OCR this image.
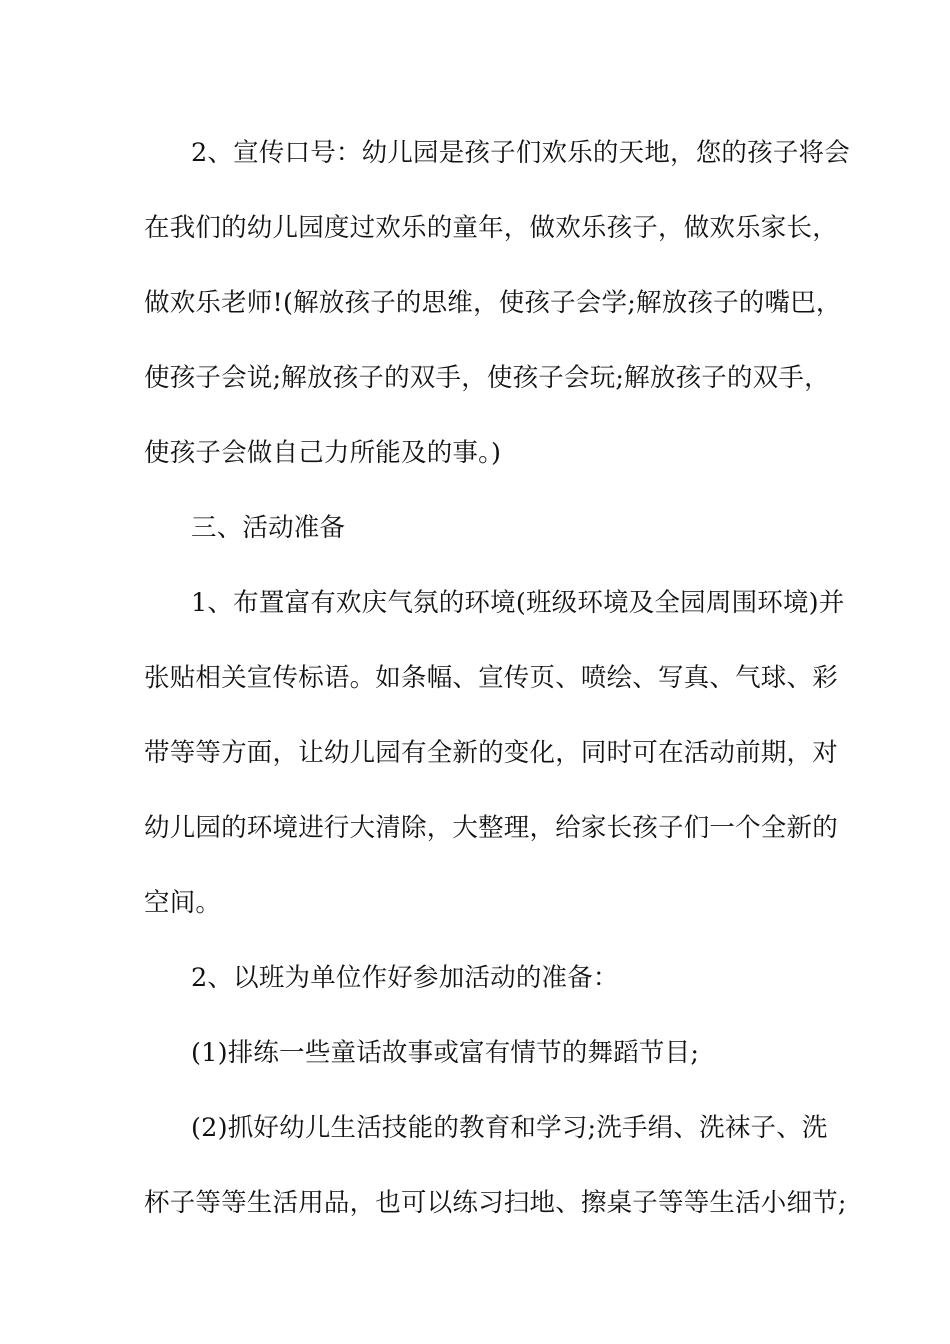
2、宣传口号：幼儿园是孩子们欢乐的天地，您的孩子将会
在我们的幼儿园度过欢乐的童年，做欢乐孩子，做欢乐家长，
做欢乐老师!(解放孩子的思维，使孩子会学;解放孩子的嘴巴，
使孩子会说;解放孩子的双手，使孩子会玩;解放孩子的双手，
使孩子会做自己力所能及的事。)
三、活动准备
1、布置富有欢庆气氛的环境(班级环境及全园周围环境)并
张贴相关宣传标语。如条幅、宣传页、喷绘、写真、气球、彩
带等等方面，让幼儿园有全新的变化，同时可在活动前期，对
幼儿园的环境进行大清除，大整理，给家长孩子们一个全新的
空间。
2、以班为单位作好参加活动的准备：
(1)排练一些童话故事或富有情节的舞蹈节目;
(2)抓好幼儿生活技能的教育和学习;洗手绢、洗袜子、洗
杯子等等生活用品，也可以练习扫地、擦桌子等等生活小细节;
